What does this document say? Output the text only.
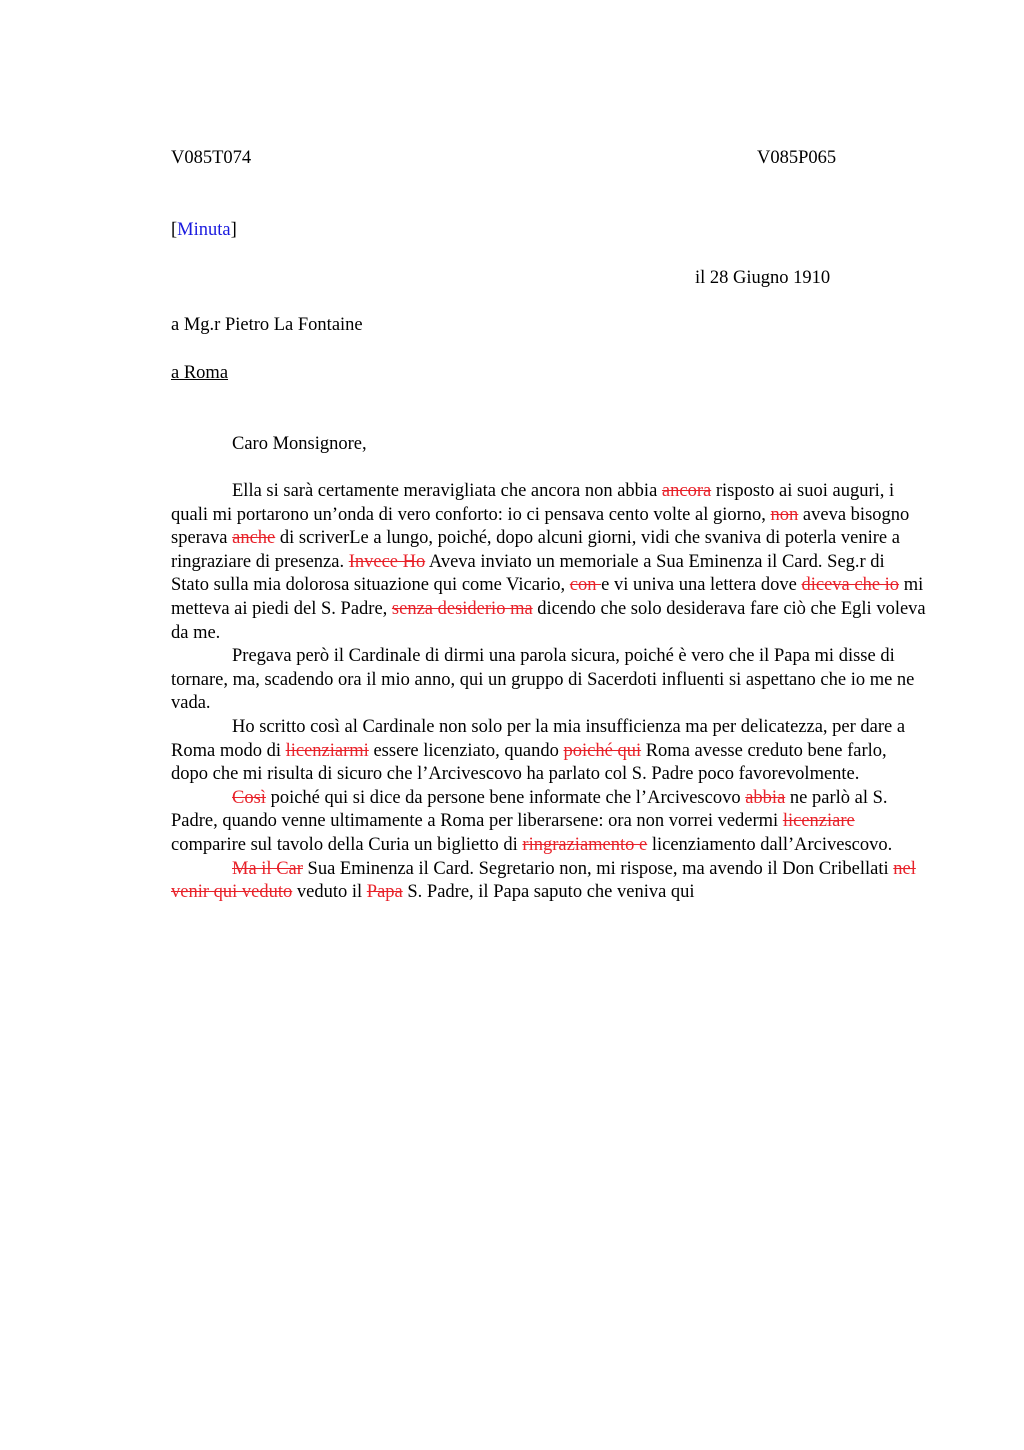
V085T074	V085P065
[Minuta]
il 28 Giugno 1910
a Mg.r Pietro La Fontaine
a Roma
Caro Monsignore,

Ella si sarà certamente meravigliata che ancora non abbia ancora risposto ai suoi auguri, i quali mi portarono un’onda di vero conforto: io ci pensava cento volte al giorno, non aveva bisogno sperava anche di scriverLe a lungo, poiché, dopo alcuni giorni, vidi che svaniva di poterla venire a ringraziare di presenza. Invece Ho Aveva inviato un memoriale a Sua Eminenza il Card. Seg.r di Stato sulla mia dolorosa situazione qui come Vicario, con e vi univa una lettera dove diceva che io mi metteva ai piedi del S. Padre, senza desiderio ma dicendo che solo desiderava fare ciò che Egli voleva da me.

Pregava però il Cardinale di dirmi una parola sicura, poiché è vero che il Papa mi disse di tornare, ma, scadendo ora il mio anno, qui un gruppo di Sacerdoti influenti si aspettano che io me ne vada.

Ho scritto così al Cardinale non solo per la mia insufficienza ma per delicatezza, per dare a Roma modo di licenziarmi essere licenziato, quando poiché qui Roma avesse creduto bene farlo, dopo che mi risulta di sicuro che l’Arcivescovo ha parlato col S. Padre poco favorevolmente.

Così poiché qui si dice da persone bene informate che l’Arcivescovo abbia ne parlò al S. Padre, quando venne ultimamente a Roma per liberarsene: ora non vorrei vedermi licenziare comparire sul tavolo della Curia un biglietto di ringraziamento e licenziamento dall’Arcivescovo.

Ma il Car Sua Eminenza il Card. Segretario non, mi rispose, ma avendo il Don Cribellati nel venir qui veduto veduto il Papa S. Padre, il Papa saputo che veniva qui
